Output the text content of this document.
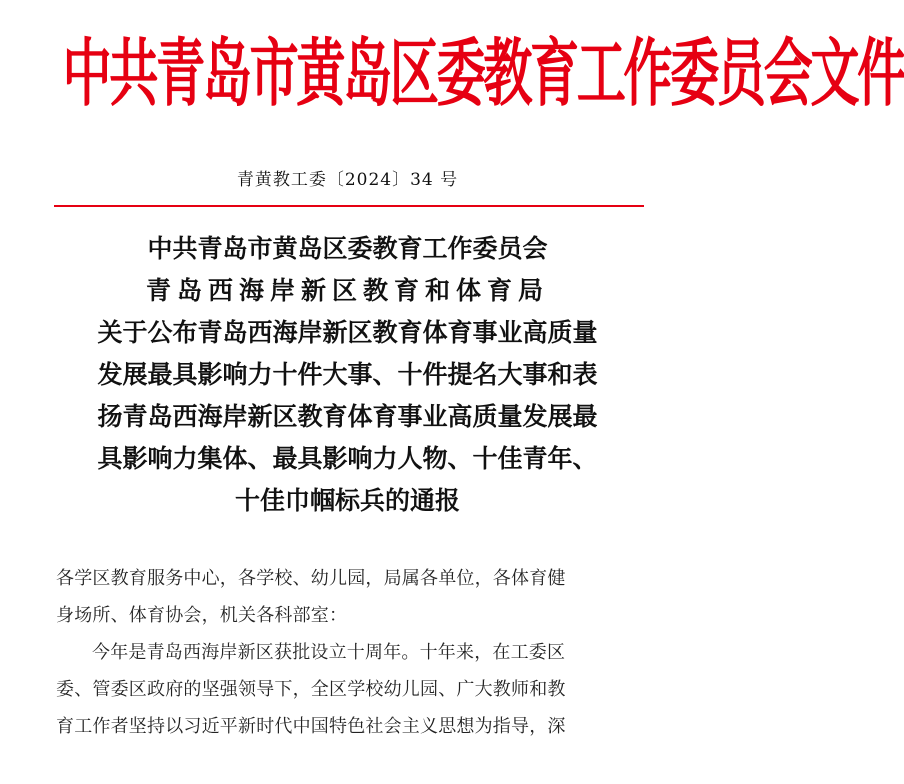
中共青岛市黄岛区委教育工作委员会文件
青黄教工委〔2024〕34 号
中共青岛市黄岛区委教育工作委员会
青岛西海岸新区教育和体育局
关于公布青岛西海岸新区教育体育事业高质量
发展最具影响力十件大事、十件提名大事和表
扬青岛西海岸新区教育体育事业高质量发展最
具影响力集体、最具影响力人物、十佳青年、
十佳巾帼标兵的通报
各学区教育服务中心，各学校、幼儿园，局属各单位，各体育健
身场所、体育协会，机关各科部室：
今年是青岛西海岸新区获批设立十周年。十年来，在工委区
委、管委区政府的坚强领导下，全区学校幼儿园、广大教师和教
育工作者坚持以习近平新时代中国特色社会主义思想为指导，深
